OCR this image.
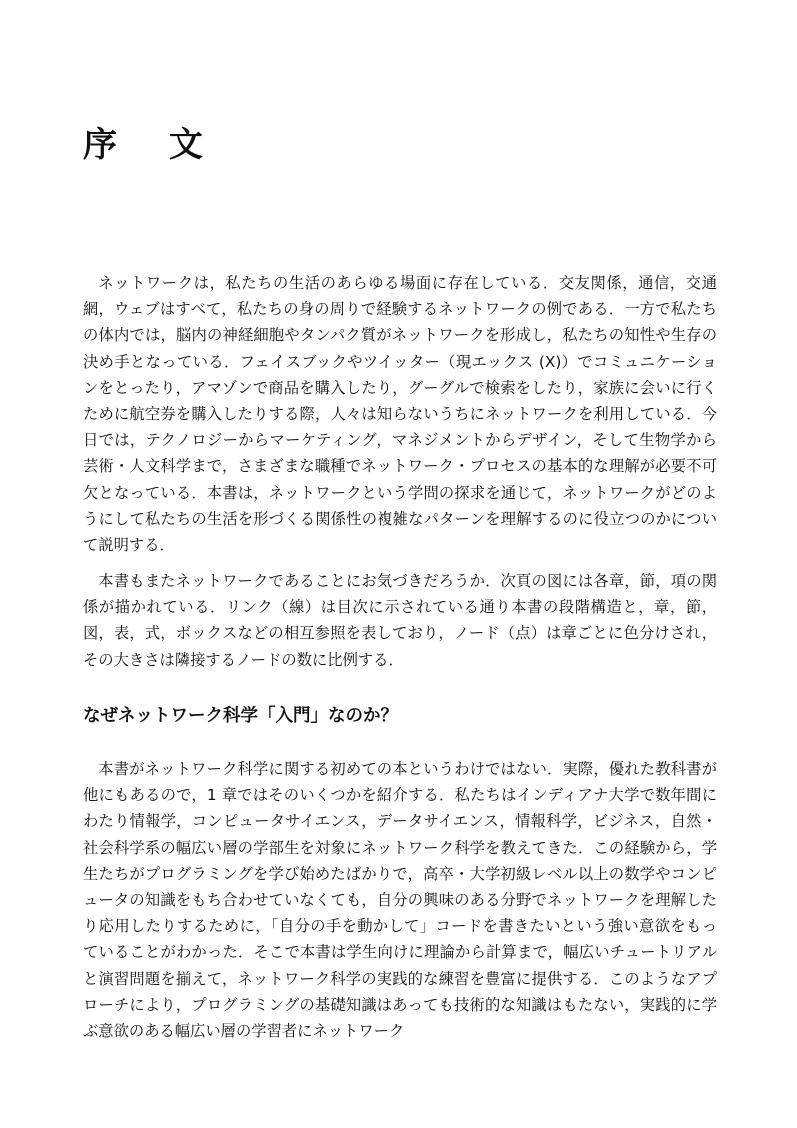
序 文

ネットワークは，私たちの生活のあらゆる場面に存在している．交友関係，通信，交通網，ウェブはすべて，私たちの身の周りで経験するネットワークの例である．一方で私たちの体内では，脳内の神経細胞やタンパク質がネットワークを形成し，私たちの知性や生存の決め手となっている．フェイスブックやツイッター（現エックス (X)）でコミュニケーションをとったり，アマゾンで商品を購入したり，グーグルで検索をしたり，家族に会いに行くために航空券を購入したりする際，人々は知らないうちにネットワークを利用している．今日では，テクノロジーからマーケティング，マネジメントからデザイン，そして生物学から芸術・人文科学まで，さまざまな職種でネットワーク・プロセスの基本的な理解が必要不可欠となっている．本書は，ネットワークという学問の探求を通じて，ネットワークがどのようにして私たちの生活を形づくる関係性の複雑なパターンを理解するのに役立つのかについて説明する．

本書もまたネットワークであることにお気づきだろうか．次頁の図には各章，節，項の関係が描かれている．リンク（線）は目次に示されている通り本書の段階構造と，章，節，図，表，式，ボックスなどの相互参照を表しており，ノード（点）は章ごとに色分けされ，その大きさは隣接するノードの数に比例する．

なぜネットワーク科学「入門」なのか？

本書がネットワーク科学に関する初めての本というわけではない．実際，優れた教科書が他にもあるので，1 章ではそのいくつかを紹介する．私たちはインディアナ大学で数年間にわたり情報学，コンピュータサイエンス，データサイエンス，情報科学，ビジネス，自然・社会科学系の幅広い層の学部生を対象にネットワーク科学を教えてきた．この経験から，学生たちがプログラミングを学び始めたばかりで，高卒・大学初級レベル以上の数学やコンピュータの知識をもち合わせていなくても，自分の興味のある分野でネットワークを理解したり応用したりするために，「自分の手を動かして」コードを書きたいという強い意欲をもっていることがわかった．そこで本書は学生向けに理論から計算まで，幅広いチュートリアルと演習問題を揃えて，ネットワーク科学の実践的な練習を豊富に提供する．このようなアプローチにより，プログラミングの基礎知識はあっても技術的な知識はもたない，実践的に学ぶ意欲のある幅広い層の学習者にネットワーク
